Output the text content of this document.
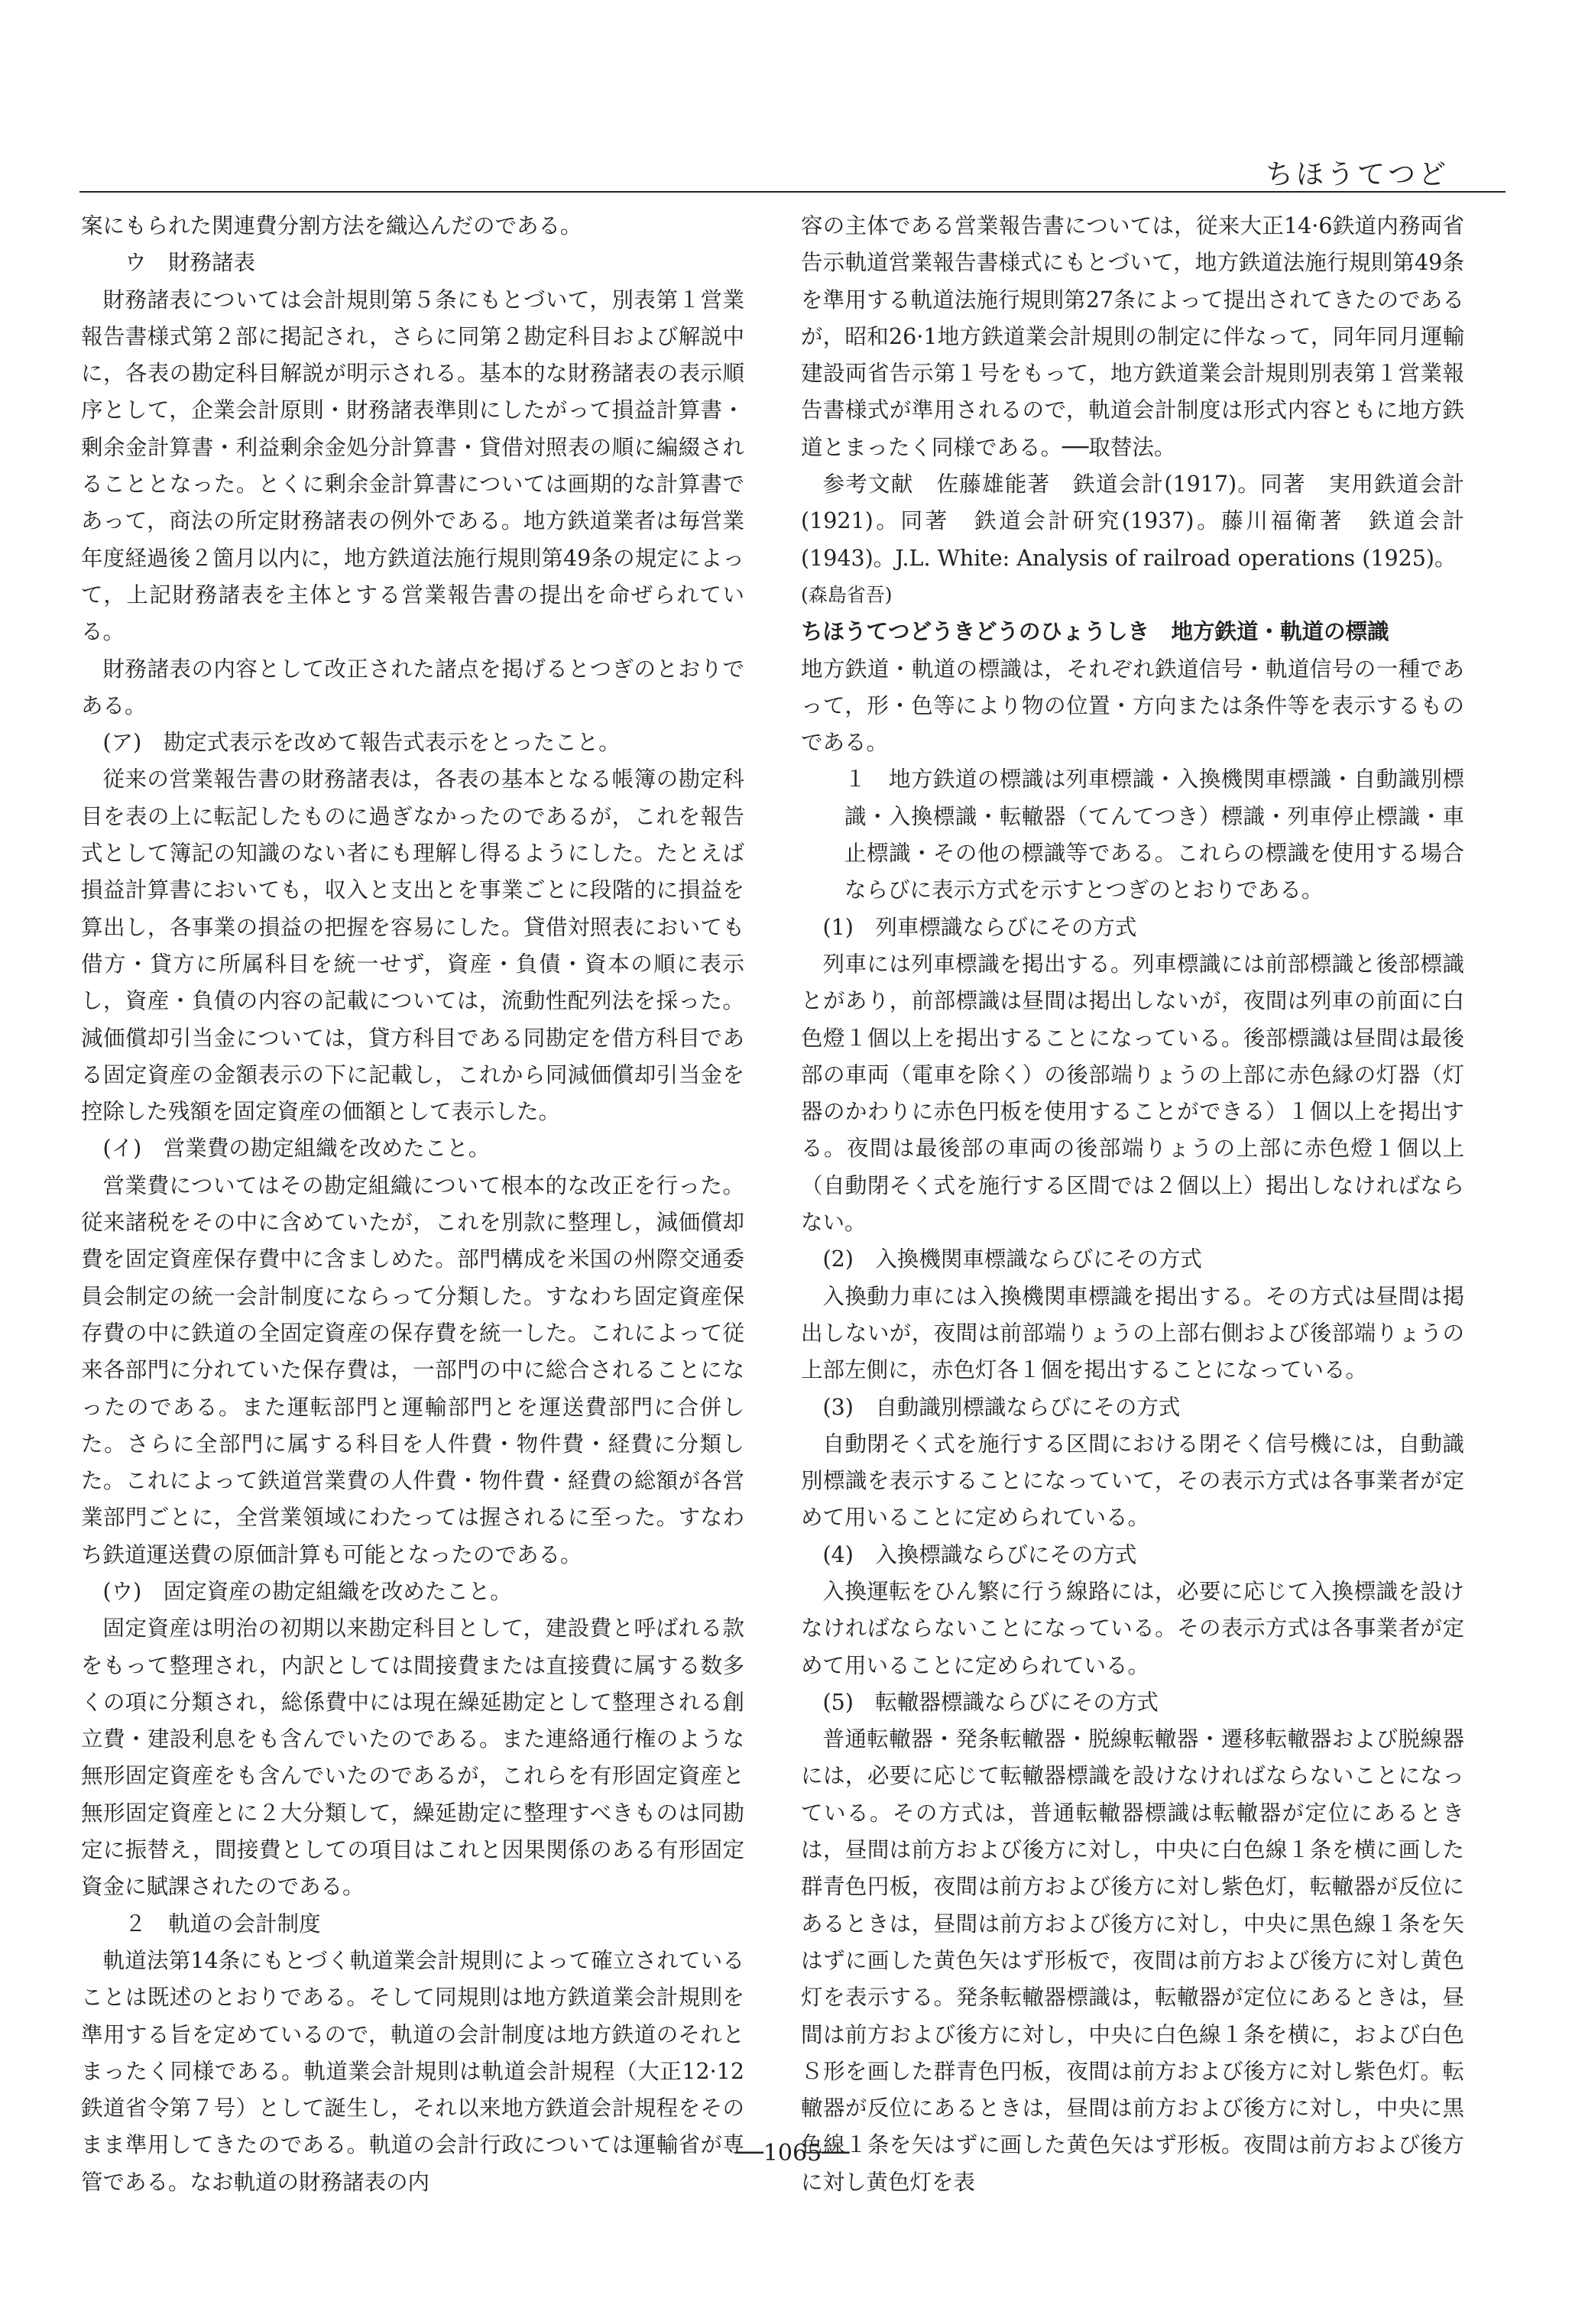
ちほうてつど

案にもられた関連費分割方法を織込んだのである。

ウ　財務諸表

財務諸表については会計規則第５条にもとづいて，別表第１営業報告書様式第２部に掲記され，さらに同第２勘定科目および解説中に，各表の勘定科目解説が明示される。基本的な財務諸表の表示順序として，企業会計原則・財務諸表準則にしたがって損益計算書・剰余金計算書・利益剰余金処分計算書・貸借対照表の順に編綴されることとなった。とくに剰余金計算書については画期的な計算書であって，商法の所定財務諸表の例外である。地方鉄道業者は毎営業年度経過後２箇月以内に，地方鉄道法施行規則第49条の規定によって，上記財務諸表を主体とする営業報告書の提出を命ぜられている。

財務諸表の内容として改正された諸点を掲げるとつぎのとおりである。

(ア)　勘定式表示を改めて報告式表示をとったこと。

従来の営業報告書の財務諸表は，各表の基本となる帳簿の勘定科目を表の上に転記したものに過ぎなかったのであるが，これを報告式として簿記の知識のない者にも理解し得るようにした。たとえば損益計算書においても，収入と支出とを事業ごとに段階的に損益を算出し，各事業の損益の把握を容易にした。貸借対照表においても借方・貸方に所属科目を統一せず，資産・負債・資本の順に表示し，資産・負債の内容の記載については，流動性配列法を採った。減価償却引当金については，貸方科目である同勘定を借方科目である固定資産の金額表示の下に記載し，これから同減価償却引当金を控除した残額を固定資産の価額として表示した。

(イ)　営業費の勘定組織を改めたこと。

営業費についてはその勘定組織について根本的な改正を行った。従来諸税をその中に含めていたが，これを別款に整理し，減価償却費を固定資産保存費中に含ましめた。部門構成を米国の州際交通委員会制定の統一会計制度にならって分類した。すなわち固定資産保存費の中に鉄道の全固定資産の保存費を統一した。これによって従来各部門に分れていた保存費は，一部門の中に総合されることになったのである。また運転部門と運輸部門とを運送費部門に合併した。さらに全部門に属する科目を人件費・物件費・経費に分類した。これによって鉄道営業費の人件費・物件費・経費の総額が各営業部門ごとに，全営業領域にわたっては握されるに至った。すなわち鉄道運送費の原価計算も可能となったのである。

(ウ)　固定資産の勘定組織を改めたこと。

固定資産は明治の初期以来勘定科目として，建設費と呼ばれる款をもって整理され，内訳としては間接費または直接費に属する数多くの項に分類され，総係費中には現在繰延勘定として整理される創立費・建設利息をも含んでいたのである。また連絡通行権のような無形固定資産をも含んでいたのであるが，これらを有形固定資産と無形固定資産とに２大分類して，繰延勘定に整理すべきものは同勘定に振替え，間接費としての項目はこれと因果関係のある有形固定資金に賦課されたのである。

２　軌道の会計制度

軌道法第14条にもとづく軌道業会計規則によって確立されていることは既述のとおりである。そして同規則は地方鉄道業会計規則を準用する旨を定めているので，軌道の会計制度は地方鉄道のそれとまったく同様である。軌道業会計規則は軌道会計規程（大正12·12鉄道省令第７号）として誕生し，それ以来地方鉄道会計規程をそのまま準用してきたのである。軌道の会計行政については運輸省が専管である。なお軌道の財務諸表の内

容の主体である営業報告書については，従来大正14·6鉄道内務両省告示軌道営業報告書様式にもとづいて，地方鉄道法施行規則第49条を準用する軌道法施行規則第27条によって提出されてきたのであるが，昭和26·1地方鉄道業会計規則の制定に伴なって，同年同月運輸建設両省告示第１号をもって，地方鉄道業会計規則別表第１営業報告書様式が準用されるので，軌道会計制度は形式内容ともに地方鉄道とまったく同様である。──取替法。

参考文献　佐藤雄能著　鉄道会計(1917)。同著　実用鉄道会計(1921)。同著　鉄道会計研究(1937)。藤川福衛著　鉄道会計(1943)。J.L. White: Analysis of railroad operations (1925)。

(森島省吾)

ちほうてつどうきどうのひょうしき　地方鉄道・軌道の標識

地方鉄道・軌道の標識は，それぞれ鉄道信号・軌道信号の一種であって，形・色等により物の位置・方向または条件等を表示するものである。

１　地方鉄道の標識は列車標識・入換機関車標識・自動識別標識・入換標識・転轍器（てんてつき）標識・列車停止標識・車止標識・その他の標識等である。これらの標識を使用する場合ならびに表示方式を示すとつぎのとおりである。

(1)　列車標識ならびにその方式

列車には列車標識を掲出する。列車標識には前部標識と後部標識とがあり，前部標識は昼間は掲出しないが，夜間は列車の前面に白色燈１個以上を掲出することになっている。後部標識は昼間は最後部の車両（電車を除く）の後部端りょうの上部に赤色縁の灯器（灯器のかわりに赤色円板を使用することができる）１個以上を掲出する。夜間は最後部の車両の後部端りょうの上部に赤色燈１個以上（自動閉そく式を施行する区間では２個以上）掲出しなければならない。

(2)　入換機関車標識ならびにその方式

入換動力車には入換機関車標識を掲出する。その方式は昼間は掲出しないが，夜間は前部端りょうの上部右側および後部端りょうの上部左側に，赤色灯各１個を掲出することになっている。

(3)　自動識別標識ならびにその方式

自動閉そく式を施行する区間における閉そく信号機には，自動識別標識を表示することになっていて，その表示方式は各事業者が定めて用いることに定められている。

(4)　入換標識ならびにその方式

入換運転をひん繁に行う線路には，必要に応じて入換標識を設けなければならないことになっている。その表示方式は各事業者が定めて用いることに定められている。

(5)　転轍器標識ならびにその方式

普通転轍器・発条転轍器・脱線転轍器・遷移転轍器および脱線器には，必要に応じて転轍器標識を設けなければならないことになっている。その方式は，普通転轍器標識は転轍器が定位にあるときは，昼間は前方および後方に対し，中央に白色線１条を横に画した群青色円板，夜間は前方および後方に対し紫色灯，転轍器が反位にあるときは，昼間は前方および後方に対し，中央に黒色線１条を矢はずに画した黄色矢はず形板で，夜間は前方および後方に対し黄色灯を表示する。発条転轍器標識は，転轍器が定位にあるときは，昼間は前方および後方に対し，中央に白色線１条を横に，および白色Ｓ形を画した群青色円板，夜間は前方および後方に対し紫色灯。転轍器が反位にあるときは，昼間は前方および後方に対し，中央に黒色線１条を矢はずに画した黄色矢はず形板。夜間は前方および後方に対し黄色灯を表

──1065──
